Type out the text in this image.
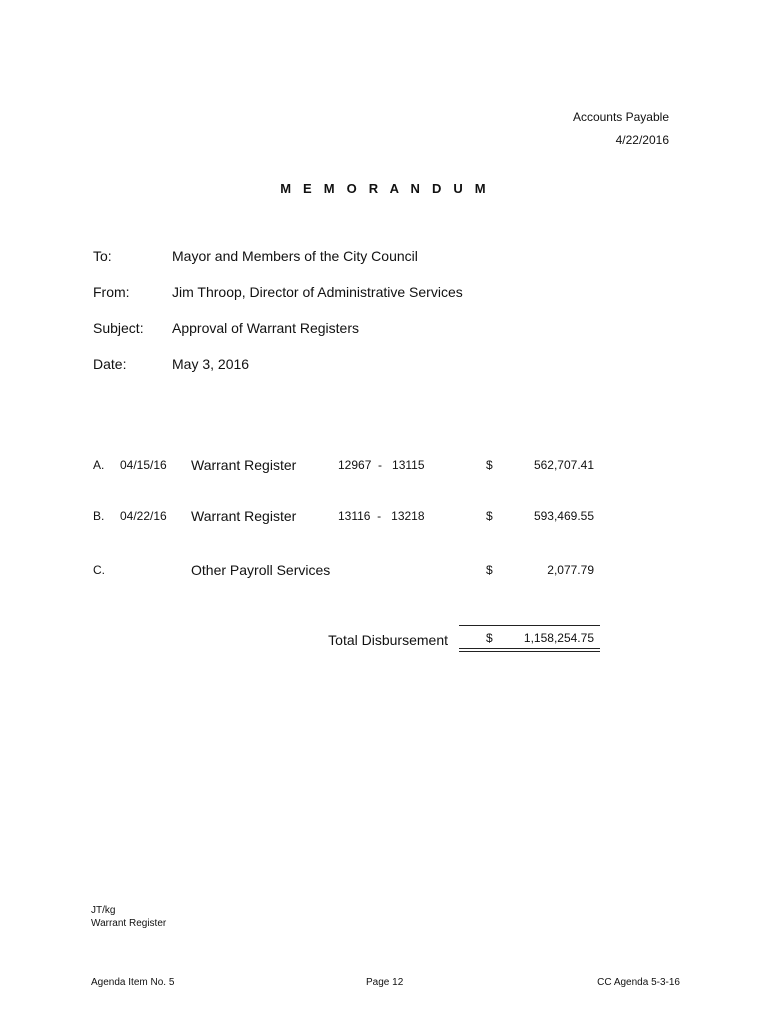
Accounts Payable
4/22/2016
M E M O R A N D U M
To:	Mayor and Members of the City Council
From:	Jim Throop, Director of Administrative Services
Subject: Approval of Warrant Registers
Date:	May 3, 2016
A. 04/15/16 Warrant Register	12967  -   13115	$	562,707.41
B. 04/22/16 Warrant Register	13116  -   13218	$	593,469.55
C.	Other Payroll Services	$	2,077.79
Total Disbursement	$	1,158,254.75
JT/kg
Warrant Register
Agenda Item No. 5	Page 12	CC Agenda 5-3-16
